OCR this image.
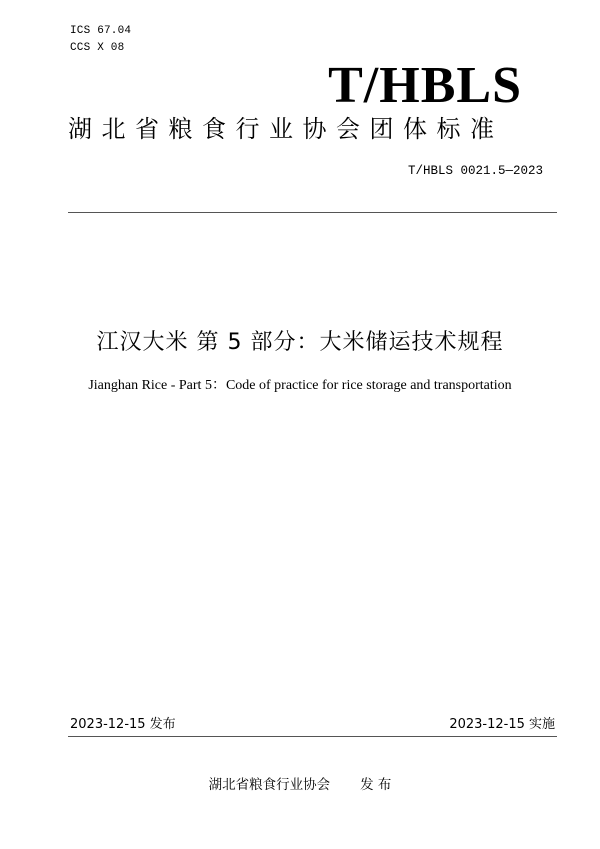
ICS 67.04
CCS X 08
T/HBLS
湖北省粮食行业协会团体标准
T/HBLS 0021.5—2023
江汉大米 第 5 部分：大米储运技术规程
Jianghan Rice - Part 5：Code of practice for rice storage and transportation
2023-12-15 发布	2023-12-15 实施
湖北省粮食行业协会 发 布
